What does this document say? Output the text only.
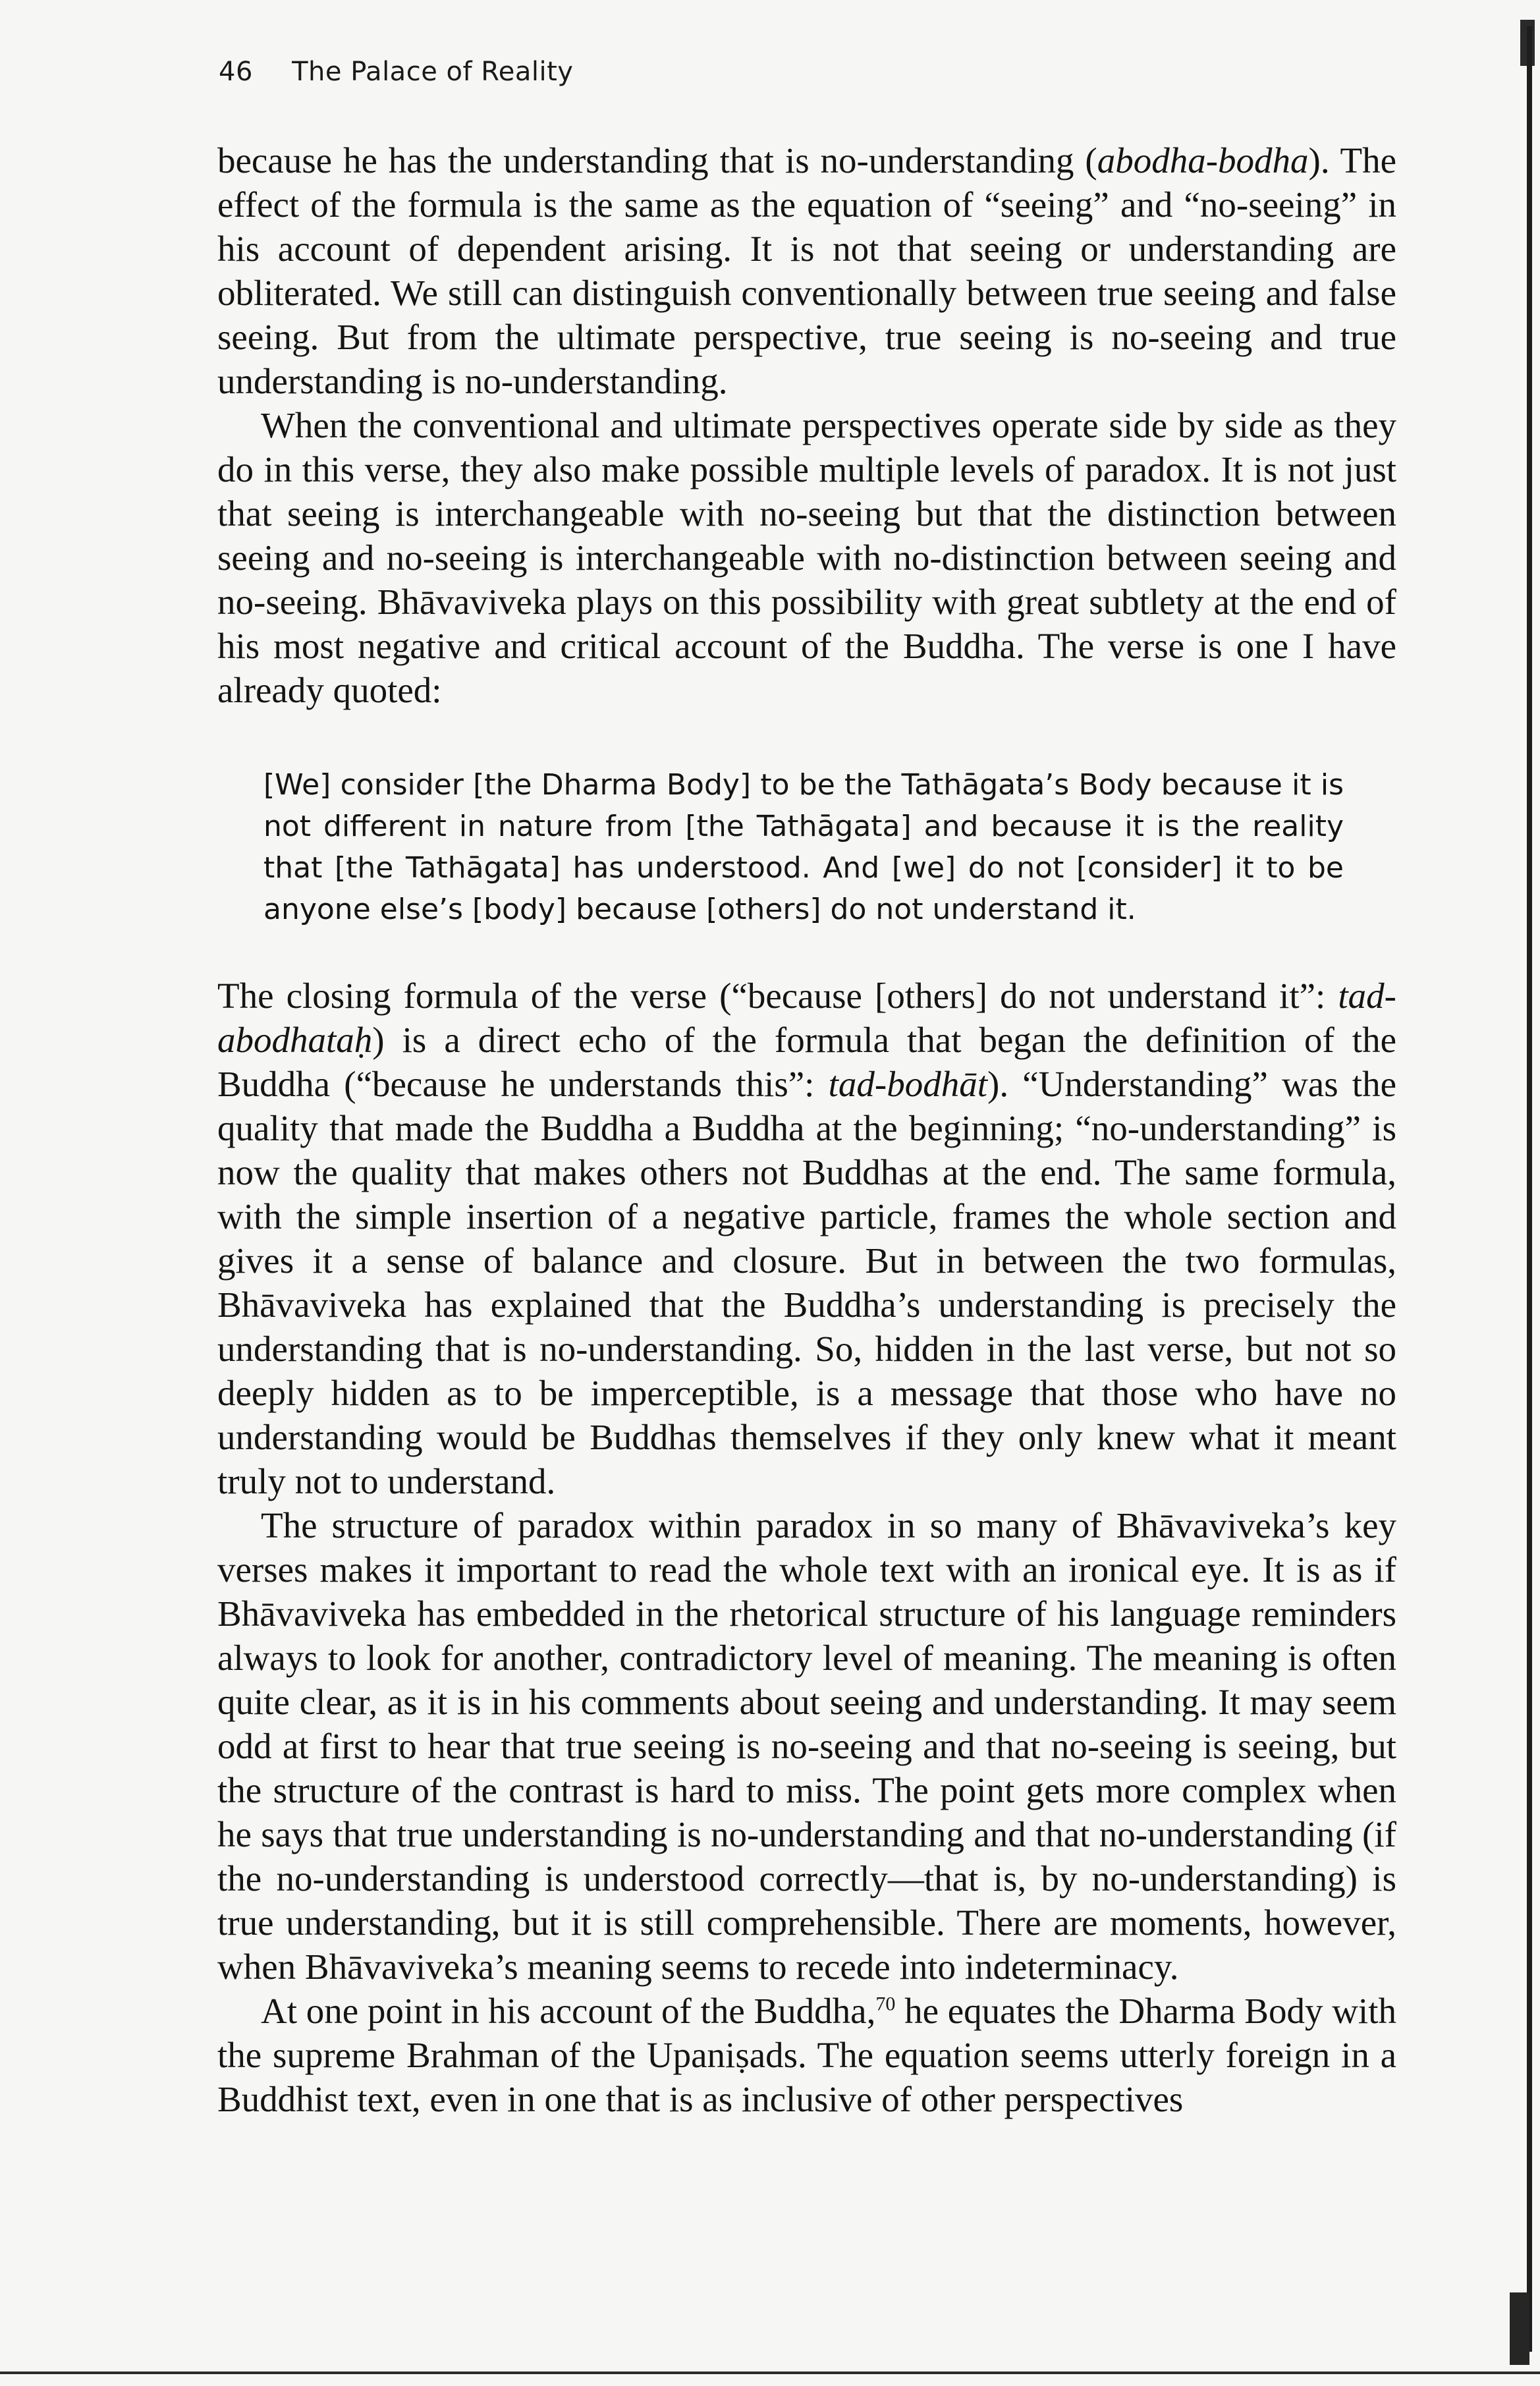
46 The Palace of Reality

because he has the understanding that is no-understanding (abodha-bodha). The effect of the formula is the same as the equation of “seeing” and “no-seeing” in his account of dependent arising. It is not that seeing or understanding are obliterated. We still can distinguish conventionally between true seeing and false seeing. But from the ultimate perspective, true seeing is no-seeing and true understanding is no-understanding.

When the conventional and ultimate perspectives operate side by side as they do in this verse, they also make possible multiple levels of paradox. It is not just that seeing is interchangeable with no-seeing but that the distinction between seeing and no-seeing is interchangeable with no-distinction between seeing and no-seeing. Bhāvaviveka plays on this possibility with great subtlety at the end of his most negative and critical account of the Buddha. The verse is one I have already quoted:

[We] consider [the Dharma Body] to be the Tathāgata’s Body because it is not different in nature from [the Tathāgata] and because it is the reality that [the Tathāgata] has understood. And [we] do not [consider] it to be anyone else’s [body] because [others] do not understand it.

The closing formula of the verse (“because [others] do not understand it”: tad-abodhataḥ) is a direct echo of the formula that began the definition of the Buddha (“because he understands this”: tad-bodhāt). “Understanding” was the quality that made the Buddha a Buddha at the beginning; “no-understanding” is now the quality that makes others not Buddhas at the end. The same formula, with the simple insertion of a negative particle, frames the whole section and gives it a sense of balance and closure. But in between the two formulas, Bhāvaviveka has explained that the Buddha’s understanding is precisely the understanding that is no-understanding. So, hidden in the last verse, but not so deeply hidden as to be imperceptible, is a message that those who have no understanding would be Buddhas themselves if they only knew what it meant truly not to understand.

The structure of paradox within paradox in so many of Bhāvaviveka’s key verses makes it important to read the whole text with an ironical eye. It is as if Bhāvaviveka has embedded in the rhetorical structure of his language reminders always to look for another, contradictory level of meaning. The meaning is often quite clear, as it is in his comments about seeing and understanding. It may seem odd at first to hear that true seeing is no-seeing and that no-seeing is seeing, but the structure of the contrast is hard to miss. The point gets more complex when he says that true understanding is no-understanding and that no-understanding (if the no-understanding is understood correctly—that is, by no-understanding) is true understanding, but it is still comprehensible. There are moments, however, when Bhāvaviveka’s meaning seems to recede into indeterminacy.

At one point in his account of the Buddha,$^{70}$ he equates the Dharma Body with the supreme Brahman of the Upaniṣads. The equation seems utterly foreign in a Buddhist text, even in one that is as inclusive of other perspectives
